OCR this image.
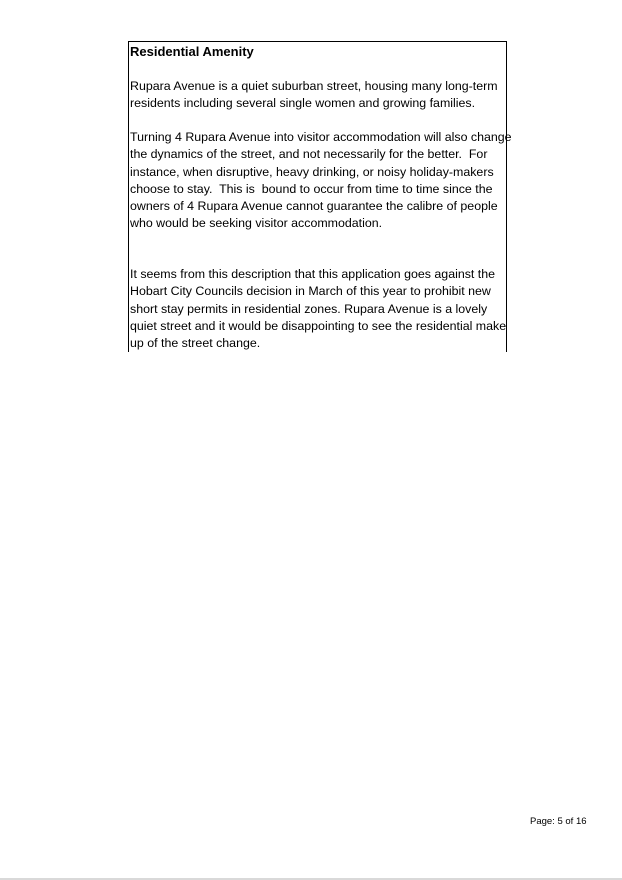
Residential Amenity
Rupara Avenue is a quiet suburban street, housing many long-term
residents including several single women and growing families.
Turning 4 Rupara Avenue into visitor accommodation will also change
the dynamics of the street, and not necessarily for the better.  For
instance, when disruptive, heavy drinking, or noisy holiday-makers
choose to stay.  This is  bound to occur from time to time since the
owners of 4 Rupara Avenue cannot guarantee the calibre of people
who would be seeking visitor accommodation.
It seems from this description that this application goes against the
Hobart City Councils decision in March of this year to prohibit new
short stay permits in residential zones. Rupara Avenue is a lovely
quiet street and it would be disappointing to see the residential make
up of the street change.
Page: 5 of 16
